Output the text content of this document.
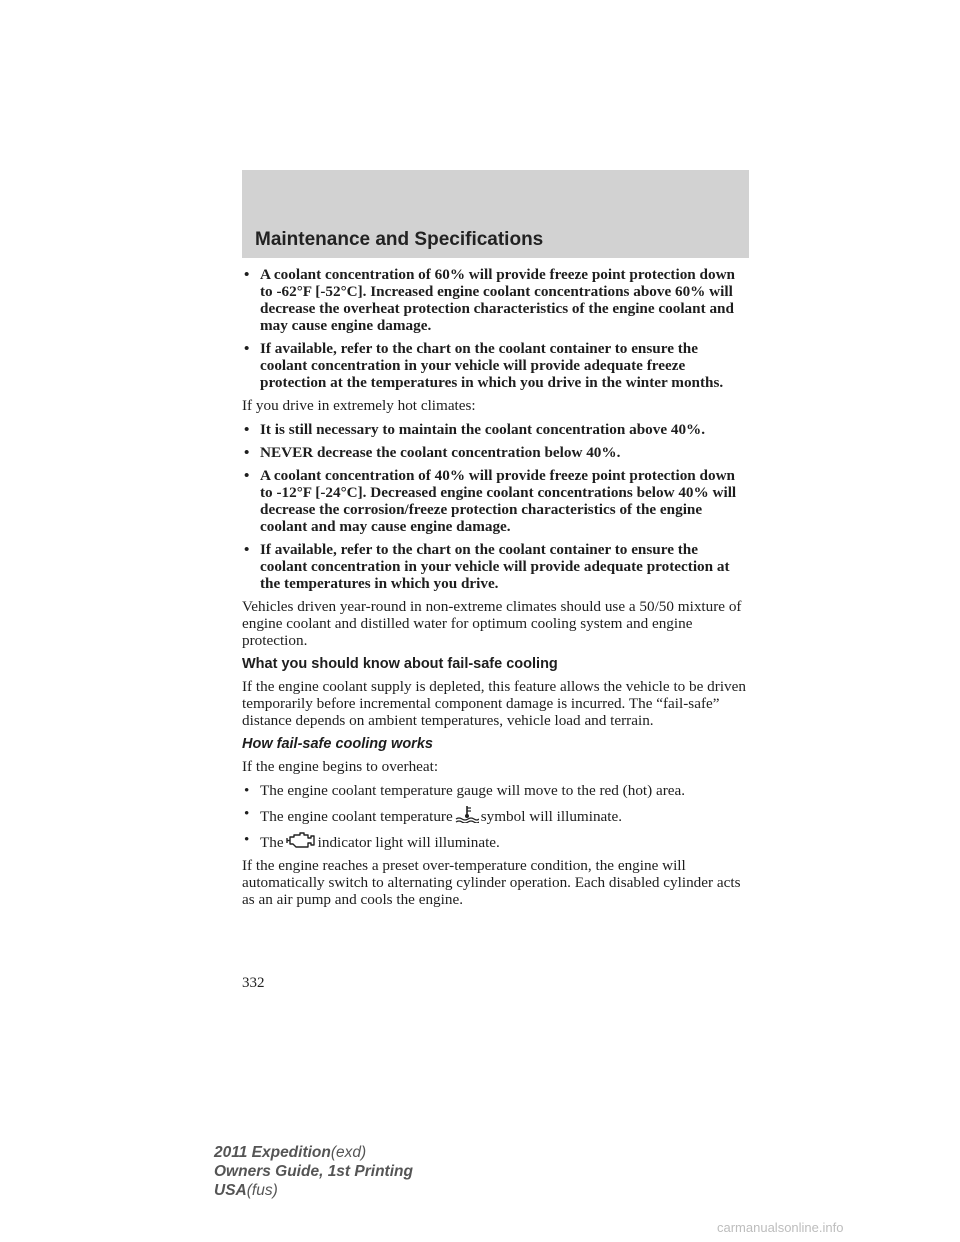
Maintenance and Specifications
• A coolant concentration of 60% will provide freeze point protection down to -62°F [-52°C]. Increased engine coolant concentrations above 60% will decrease the overheat protection characteristics of the engine coolant and may cause engine damage.
• If available, refer to the chart on the coolant container to ensure the coolant concentration in your vehicle will provide adequate freeze protection at the temperatures in which you drive in the winter months.

If you drive in extremely hot climates:

• It is still necessary to maintain the coolant concentration above 40%.
• NEVER decrease the coolant concentration below 40%.
• A coolant concentration of 40% will provide freeze point protection down to -12°F [-24°C]. Decreased engine coolant concentrations below 40% will decrease the corrosion/freeze protection characteristics of the engine coolant and may cause engine damage.
• If available, refer to the chart on the coolant container to ensure the coolant concentration in your vehicle will provide adequate protection at the temperatures in which you drive.

Vehicles driven year-round in non-extreme climates should use a 50/50 mixture of engine coolant and distilled water for optimum cooling system and engine protection.

What you should know about fail-safe cooling

If the engine coolant supply is depleted, this feature allows the vehicle to be driven temporarily before incremental component damage is incurred. The “fail-safe” distance depends on ambient temperatures, vehicle load and terrain.

How fail-safe cooling works

If the engine begins to overheat:

• The engine coolant temperature gauge will move to the red (hot) area.
• The engine coolant temperature symbol will illuminate.
• The indicator light will illuminate.

If the engine reaches a preset over-temperature condition, the engine will automatically switch to alternating cylinder operation. Each disabled cylinder acts as an air pump and cools the engine.

332
2011 Expedition(exd)
Owners Guide, 1st Printing
USA(fus)
carmanualsonline.info
